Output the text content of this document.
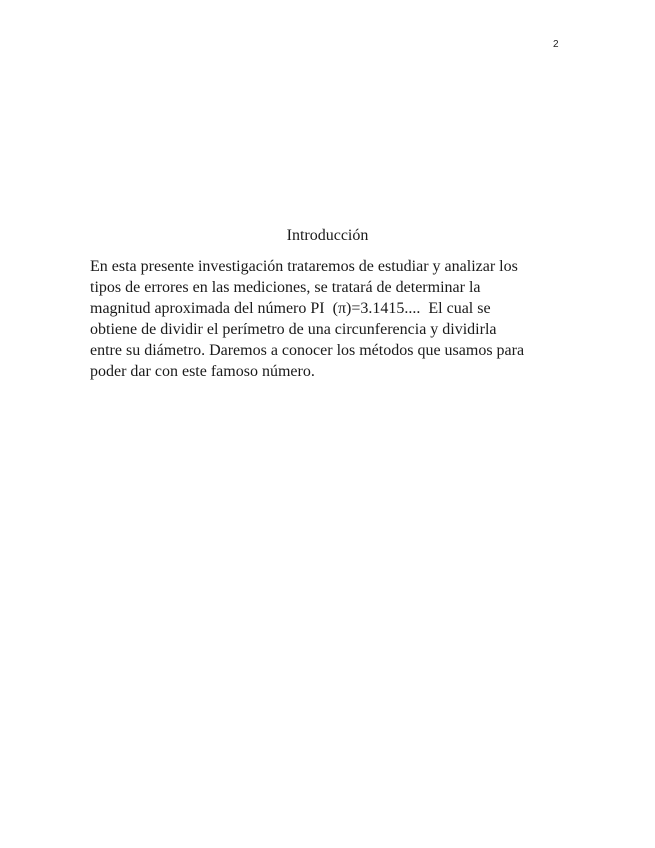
2
Introducción
En esta presente investigación trataremos de estudiar y analizar los
tipos de errores en las mediciones, se tratará de determinar la
magnitud aproximada del número PI  (π)=3.1415....  El cual se
obtiene de dividir el perímetro de una circunferencia y dividirla
entre su diámetro. Daremos a conocer los métodos que usamos para
poder dar con este famoso número.
